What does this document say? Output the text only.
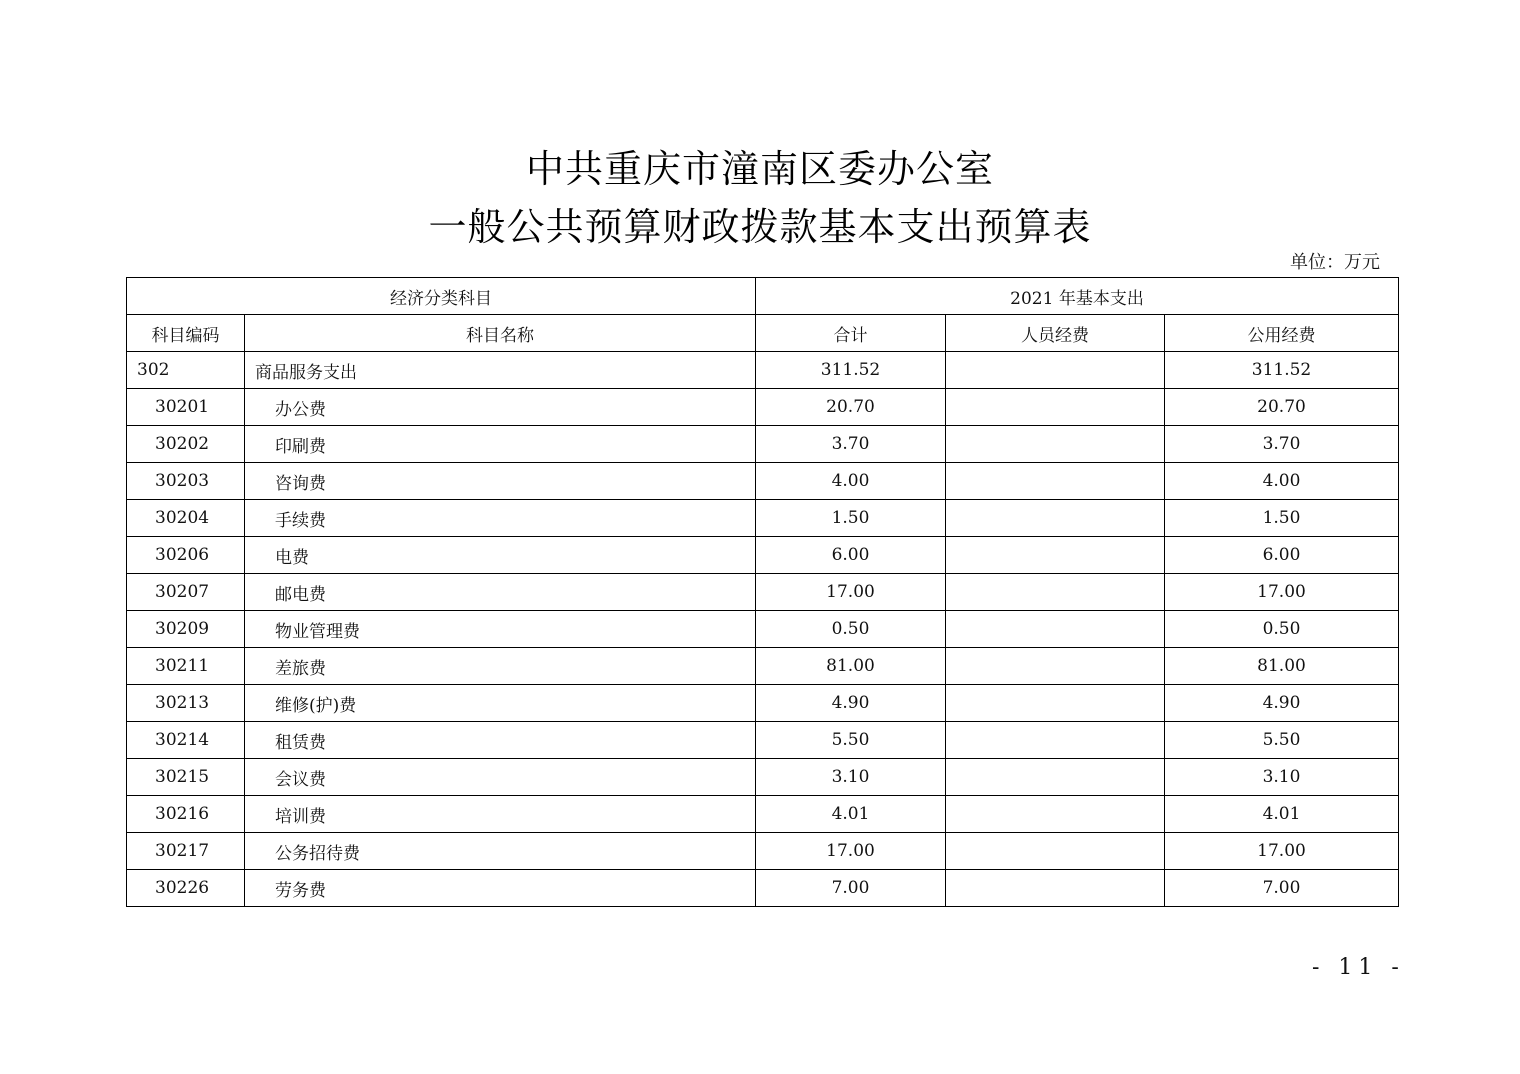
中共重庆市潼南区委办公室
一般公共预算财政拨款基本支出预算表
单位：万元
经济分类科目		2021 年基本支出		
科目编码	科目名称	合计	人员经费	公用经费
302	商品服务支出	311.52		311.52
30201	办公费	20.70		20.70
30202	印刷费	3.70		3.70
30203	咨询费	4.00		4.00
30204	手续费	1.50		1.50
30206	电费	6.00		6.00
30207	邮电费	17.00		17.00
30209	物业管理费	0.50		0.50
30211	差旅费	81.00		81.00
30213	维修(护)费	4.90		4.90
30214	租赁费	5.50		5.50
30215	会议费	3.10		3.10
30216	培训费	4.01		4.01
30217	公务招待费	17.00		17.00
30226	劳务费	7.00		7.00
- 11 -
